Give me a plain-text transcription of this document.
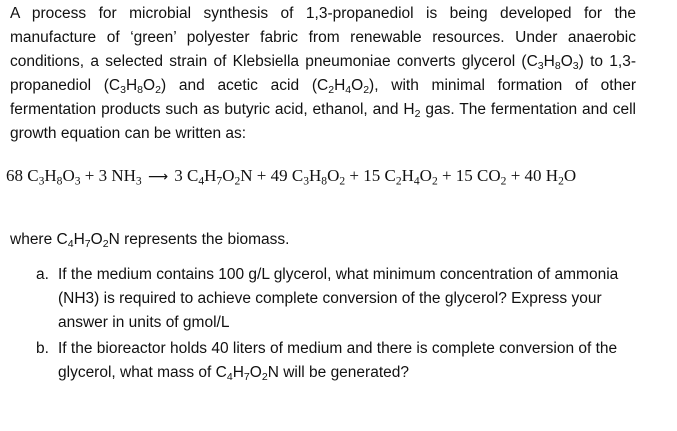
A process for microbial synthesis of 1,3-propanediol is being developed for the manufacture of ‘green’ polyester fabric from renewable resources. Under anaerobic conditions, a selected strain of Klebsiella pneumoniae converts glycerol $(C_3H_8O_3)$ to 1,3-propanediol $(C_3H_8O_2)$ and acetic acid $(C_2H_4O_2)$, with minimal formation of other fermentation products such as butyric acid, ethanol, and $H_2$ gas. The fermentation and cell growth equation can be written as:

68 $C_3H_8O_3 + 3$ $NH_3$ ⟶ 3 $C_4H_7O_2N + 49$ $C_3H_8O_2 + 15$ $C_2H_4O_2 + 15$ $CO_2 + 40$ $H_2O$

where $C_4H_7O_2N$ represents the biomass.

a. If the medium contains 100 g/L glycerol, what minimum concentration of ammonia (NH3) is required to achieve complete conversion of the glycerol? Express your answer in units of gmol/L
b. If the bioreactor holds 40 liters of medium and there is complete conversion of the glycerol, what mass of $C_4H_7O_2N$ will be generated?
